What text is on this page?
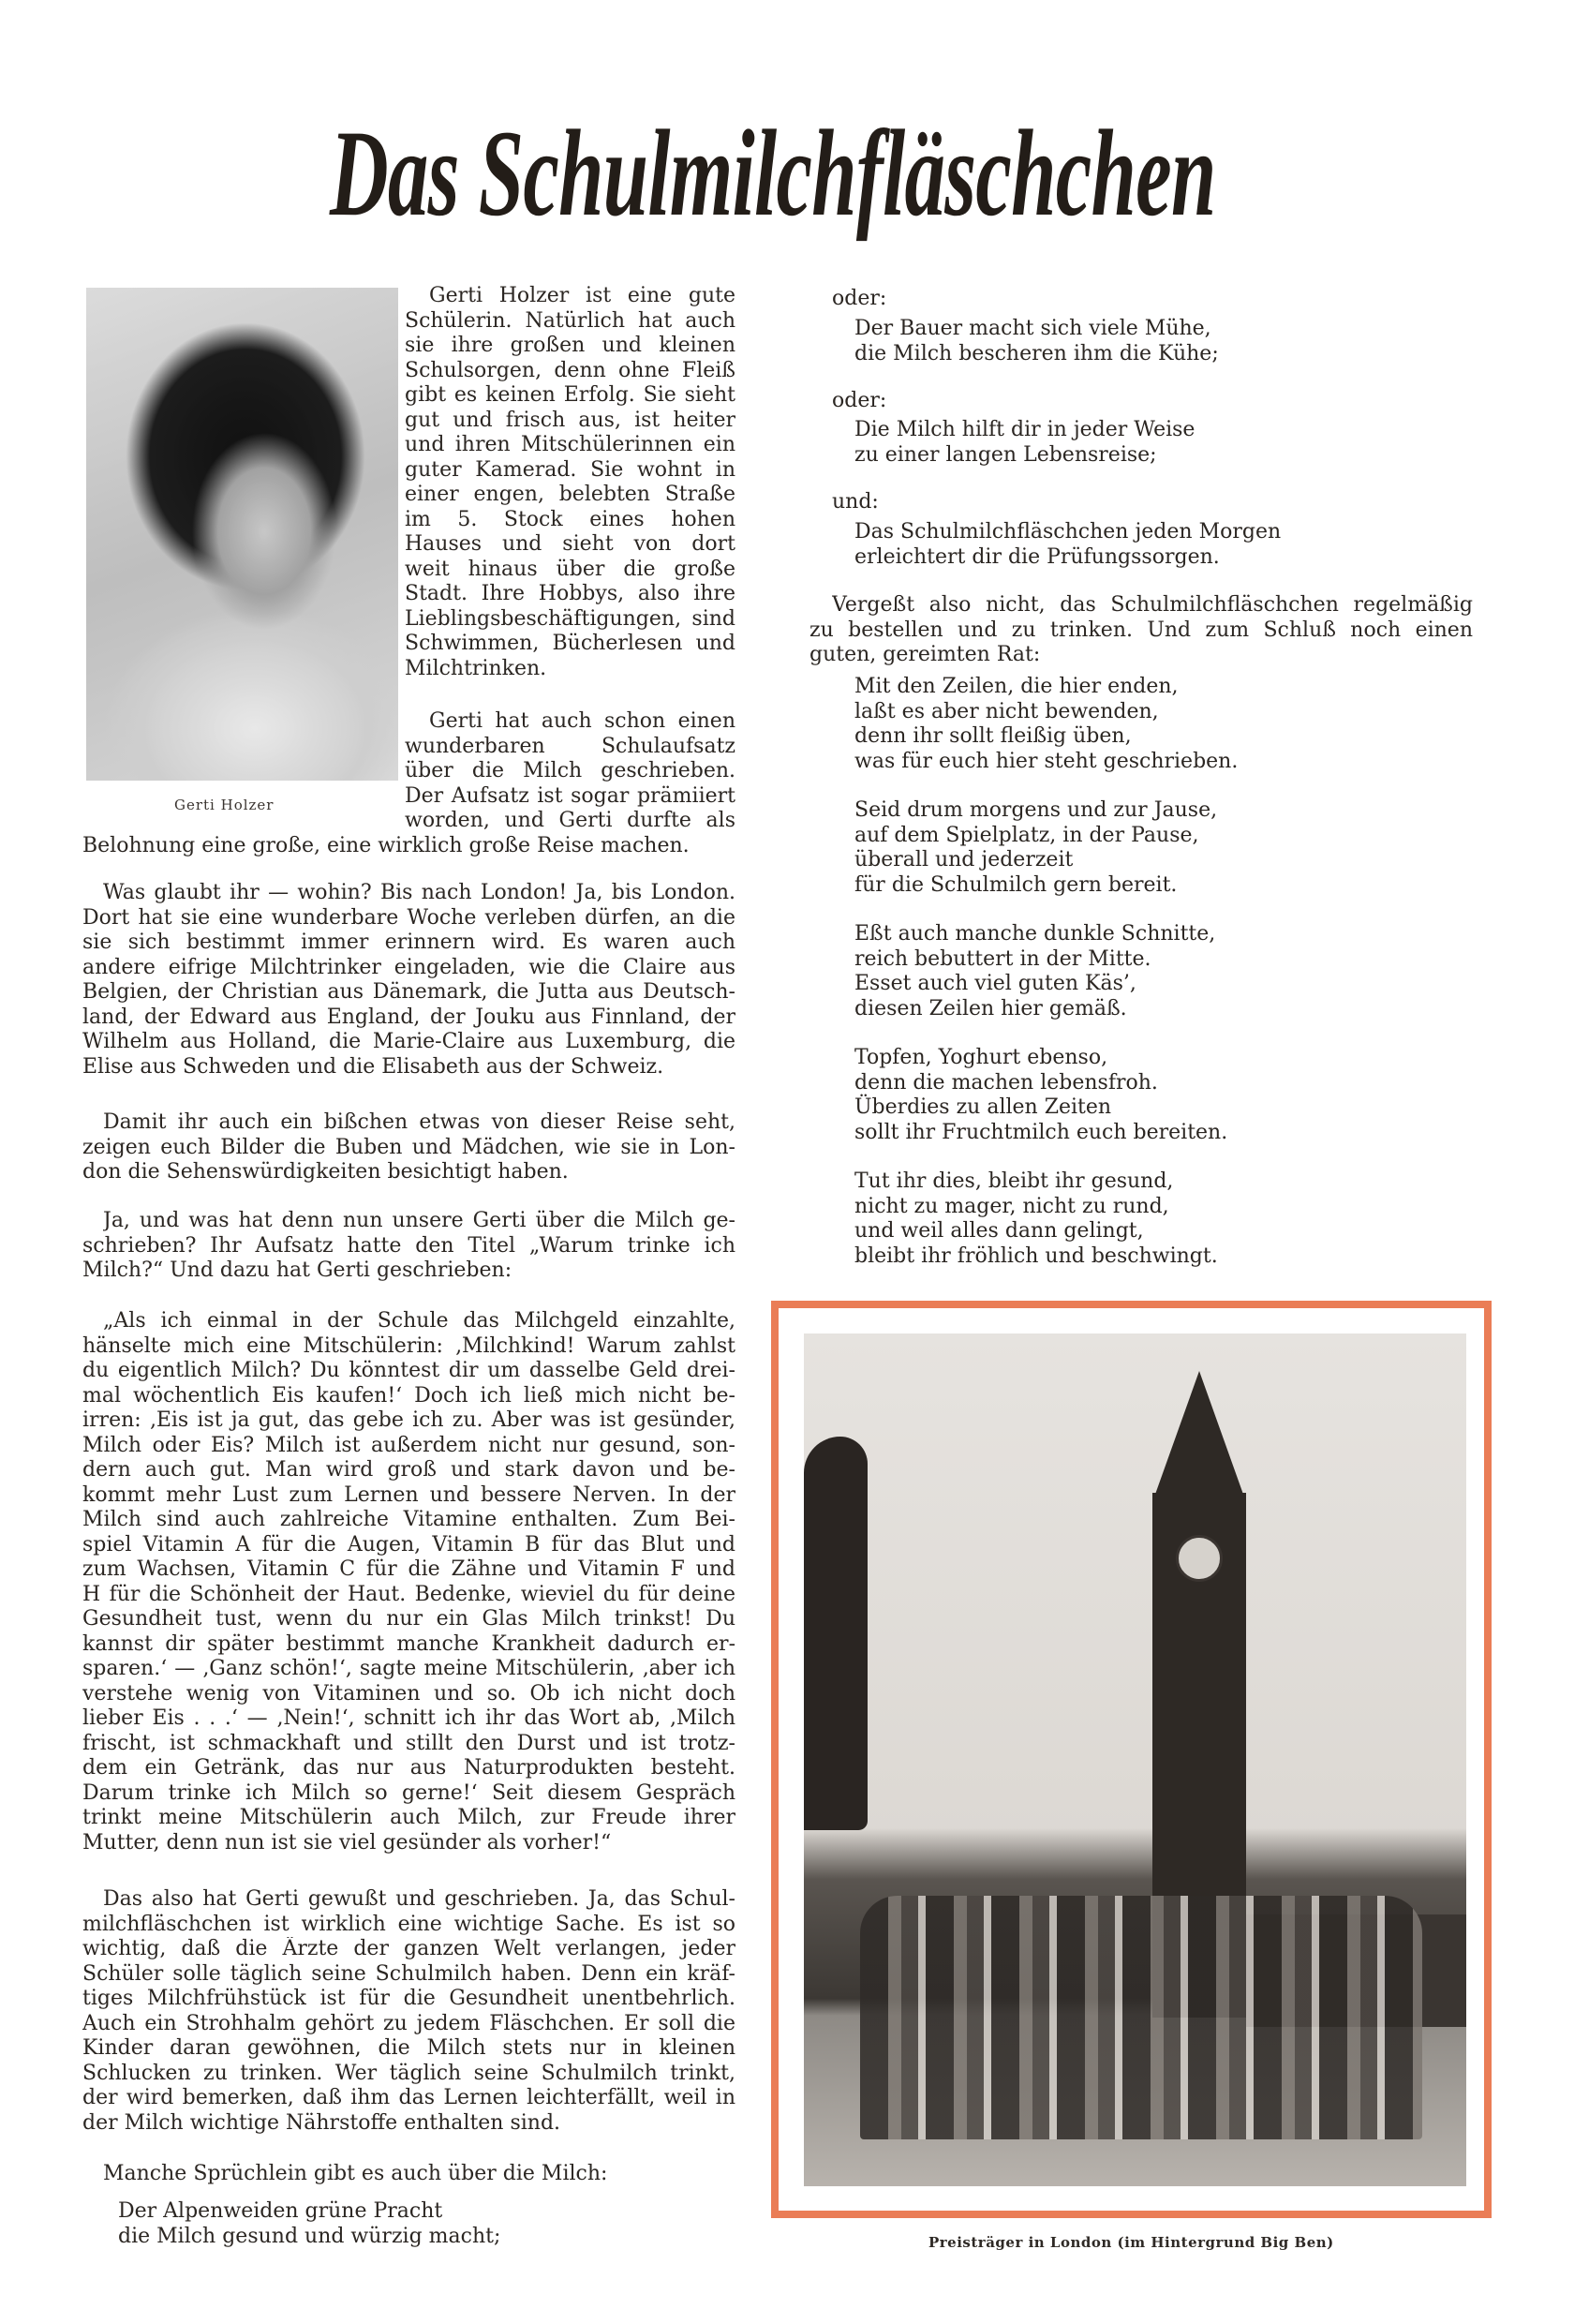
Das Schulmilchfläschchen
Gerti Holzer
Gerti Holzer ist eine gute
Schülerin. Natürlich hat auch
sie ihre großen und kleinen
Schulsorgen, denn ohne Fleiß
gibt es keinen Erfolg. Sie sieht
gut und frisch aus, ist heiter
und ihren Mitschülerinnen ein
guter Kamerad. Sie wohnt in
einer engen, belebten Straße
im 5. Stock eines hohen
Hauses und sieht von dort
weit hinaus über die große
Stadt. Ihre Hobbys, also ihre
Lieblingsbeschäftigungen, sind
Schwimmen, Bücherlesen und
Milchtrinken.
Gerti hat auch schon einen
wunderbaren Schulaufsatz
über die Milch geschrieben.
Der Aufsatz ist sogar prämiiert
worden, und Gerti durfte als
Belohnung eine große, eine wirklich große Reise machen.
Was glaubt ihr — wohin? Bis nach London! Ja, bis London.
Dort hat sie eine wunderbare Woche verleben dürfen, an die
sie sich bestimmt immer erinnern wird. Es waren auch
andere eifrige Milchtrinker eingeladen, wie die Claire aus
Belgien, der Christian aus Dänemark, die Jutta aus Deutsch-
land, der Edward aus England, der Jouku aus Finnland, der
Wilhelm aus Holland, die Marie-Claire aus Luxemburg, die
Elise aus Schweden und die Elisabeth aus der Schweiz.
Damit ihr auch ein bißchen etwas von dieser Reise seht,
zeigen euch Bilder die Buben und Mädchen, wie sie in Lon-
don die Sehenswürdigkeiten besichtigt haben.
Ja, und was hat denn nun unsere Gerti über die Milch ge-
schrieben? Ihr Aufsatz hatte den Titel „Warum trinke ich
Milch?“ Und dazu hat Gerti geschrieben:
„Als ich einmal in der Schule das Milchgeld einzahlte,
hänselte mich eine Mitschülerin: ‚Milchkind! Warum zahlst
du eigentlich Milch? Du könntest dir um dasselbe Geld drei-
mal wöchentlich Eis kaufen!‘ Doch ich ließ mich nicht be-
irren: ‚Eis ist ja gut, das gebe ich zu. Aber was ist gesünder,
Milch oder Eis? Milch ist außerdem nicht nur gesund, son-
dern auch gut. Man wird groß und stark davon und be-
kommt mehr Lust zum Lernen und bessere Nerven. In der
Milch sind auch zahlreiche Vitamine enthalten. Zum Bei-
spiel Vitamin A für die Augen, Vitamin B für das Blut und
zum Wachsen, Vitamin C für die Zähne und Vitamin F und
H für die Schönheit der Haut. Bedenke, wieviel du für deine
Gesundheit tust, wenn du nur ein Glas Milch trinkst! Du
kannst dir später bestimmt manche Krankheit dadurch er-
sparen.‘ — ‚Ganz schön!‘, sagte meine Mitschülerin, ‚aber ich
verstehe wenig von Vitaminen und so. Ob ich nicht doch
lieber Eis . . .‘ — ‚Nein!‘, schnitt ich ihr das Wort ab, ‚Milch
frischt, ist schmackhaft und stillt den Durst und ist trotz-
dem ein Getränk, das nur aus Naturprodukten besteht.
Darum trinke ich Milch so gerne!‘ Seit diesem Gespräch
trinkt meine Mitschülerin auch Milch, zur Freude ihrer
Mutter, denn nun ist sie viel gesünder als vorher!“
Das also hat Gerti gewußt und geschrieben. Ja, das Schul-
milchfläschchen ist wirklich eine wichtige Sache. Es ist so
wichtig, daß die Ärzte der ganzen Welt verlangen, jeder
Schüler solle täglich seine Schulmilch haben. Denn ein kräf-
tiges Milchfrühstück ist für die Gesundheit unentbehrlich.
Auch ein Strohhalm gehört zu jedem Fläschchen. Er soll die
Kinder daran gewöhnen, die Milch stets nur in kleinen
Schlucken zu trinken. Wer täglich seine Schulmilch trinkt,
der wird bemerken, daß ihm das Lernen leichterfällt, weil in
der Milch wichtige Nährstoffe enthalten sind.
Manche Sprüchlein gibt es auch über die Milch:
Der Alpenweiden grüne Pracht
die Milch gesund und würzig macht;
oder:
Der Bauer macht sich viele Mühe,
die Milch bescheren ihm die Kühe;
oder:
Die Milch hilft dir in jeder Weise
zu einer langen Lebensreise;
und:
Das Schulmilchfläschchen jeden Morgen
erleichtert dir die Prüfungssorgen.
Vergeßt also nicht, das Schulmilchfläschchen regelmäßig
zu bestellen und zu trinken. Und zum Schluß noch einen
guten, gereimten Rat:
Mit den Zeilen, die hier enden,
laßt es aber nicht bewenden,
denn ihr sollt fleißig üben,
was für euch hier steht geschrieben.
Seid drum morgens und zur Jause,
auf dem Spielplatz, in der Pause,
überall und jederzeit
für die Schulmilch gern bereit.
Eßt auch manche dunkle Schnitte,
reich bebuttert in der Mitte.
Esset auch viel guten Käs’,
diesen Zeilen hier gemäß.
Topfen, Yoghurt ebenso,
denn die machen lebensfroh.
Überdies zu allen Zeiten
sollt ihr Fruchtmilch euch bereiten.
Tut ihr dies, bleibt ihr gesund,
nicht zu mager, nicht zu rund,
und weil alles dann gelingt,
bleibt ihr fröhlich und beschwingt.
Preisträger in London (im Hintergrund Big Ben)
